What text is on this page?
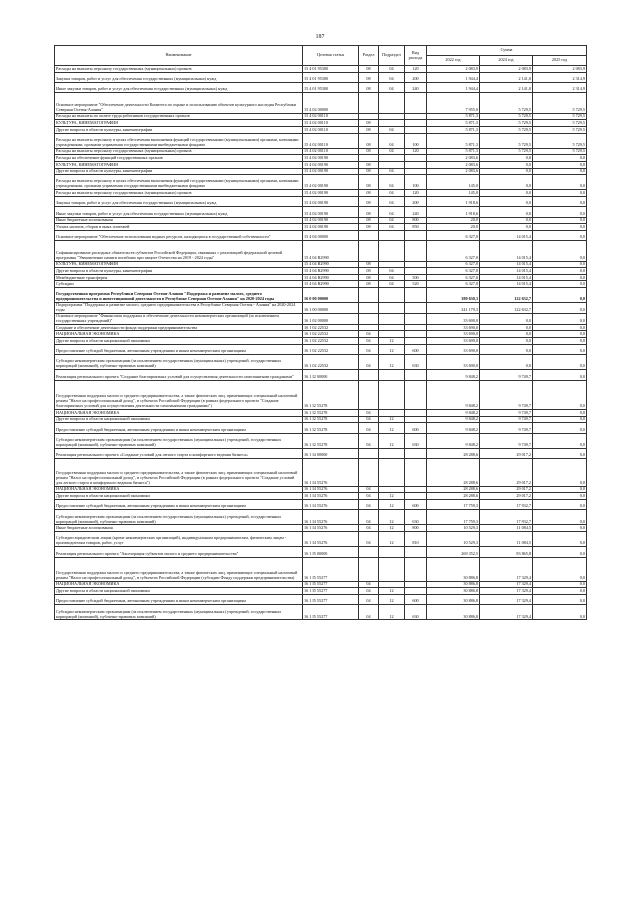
187
Наименование	Целевая статья	Раздел	Подраздел	Вид расхода	Сумма		
					2022 год	2024 год	2025 год
Расходы на выплаты персоналу государственных (муниципальных) органов	15 4 01 95300	08	04	120	2 083,9	2 083,9	2 083,9
Закупка товаров, работ и услуг для обеспечения государственных (муниципальных) нужд	15 4 01 95300	08	04	200	1 944,4	2 141,0	2 314,9
Иные закупки товаров, работ и услуг для обеспечения государственных (муниципальных) нужд	15 4 01 95300	08	04	240	1 944,4	2 141,0	2 314,9
Основное мероприятие "Обеспечение деятельности Комитета по охране и использованию объектов культурного наследия Республики Северная Осетия-Алания"	15 4 02 00000				7 955,0	5 729,5	5 729,5
Расходы на выплаты по оплате труда работников государственных органов	15 4 02 00110				5 871,3	5 729,5	5 729,5
КУЛЬТУРА, КИНЕМАТОГРАФИЯ	15 4 02 00110	08			5 871,3	5 729,5	5 729,5
Другие вопросы в области культуры, кинематографии	15 4 02 00110	08	04		5 871,3	5 729,5	5 729,5
Расходы на выплаты персоналу в целях обеспечения выполнения функций государственными (муниципальными) органами, казенными учреждениями, органами управления государственными внебюджетными фондами	15 4 02 00110	08	04	100	5 871,3	5 729,5	5 729,5
Расходы на выплаты персоналу государственных (муниципальных) органов	15 4 02 00110	08	04	120	5 871,3	5 729,5	5 729,5
Расходы на обеспечение функций государственных органов	15 4 02 00190				2 083,6	0,0	0,0
КУЛЬТУРА, КИНЕМАТОГРАФИЯ	15 4 02 00190	08			2 083,6	0,0	0,0
Другие вопросы в области культуры, кинематографии	15 4 02 00190	08	04		2 083,6	0,0	0,0
Расходы на выплаты персоналу в целях обеспечения выполнения функций государственными (муниципальными) органами, казенными учреждениями, органами управления государственными внебюджетными фондами	15 4 02 00190	08	04	100	145,0	0,0	0,0
Расходы на выплаты персоналу государственных (муниципальных) органов	15 4 02 00190	08	04	120	145,0	0,0	0,0
Закупка товаров, работ и услуг для обеспечения государственных (муниципальных) нужд	15 4 02 00190	08	04	200	1 918,6	0,0	0,0
Иные закупки товаров, работ и услуг для обеспечения государственных (муниципальных) нужд	15 4 02 00190	08	04	240	1 918,6	0,0	0,0
Иные бюджетные ассигнования	15 4 02 00190	08	04	800	20,0	0,0	0,0
Уплата налогов, сборов и иных платежей	15 4 02 00190	08	04	850	20,0	0,0	0,0
Основное мероприятие "Обеспечение использования водных ресурсов, находящихся в государственной собственности"	15 4 04 00000				6 327,0	14 015,4	0,0
Софинансирование расходных обязательств субъектов Российской Федерации, связанных с реализацией федеральной целевой программы "Увековечение памяти погибших при защите Отечества на 2019 - 2024 годы"	15 4 04 R2990				6 327,0	14 015,4	0,0
КУЛЬТУРА, КИНЕМАТОГРАФИЯ	15 4 04 R2990	08			6 327,0	14 015,4	0,0
Другие вопросы в области культуры, кинематографии	15 4 04 R2990	08	04		6 327,0	14 015,4	0,0
Межбюджетные трансферты	15 4 04 R2990	08	04	500	6 327,0	14 015,4	0,0
Субсидии	15 4 04 R2990	08	04	520	6 327,0	14 015,4	0,0
Государственная программа Республики Северная Осетия-Алания "Поддержка и развитие малого, среднего предпринимательства и инвестиционной деятельности в Республике Северная Осетия-Алания" на 2020-2024 годы	16 0 00 00000				380 630,3	122 632,7	0,0
Подпрограмма "Поддержка и развитие малого, среднего предпринимательства в Республике Северная Осетия - Алания" на 2020-2024 годы	16 1 00 00000				341 179,3	122 632,7	0,0
Основное мероприятие "Финансовая поддержка и обеспечение деятельности некоммерческих организаций (за исключением государственных учреждений)"	16 1 02 00000				33 690,0	0,0	0,0
Создание и обеспечение деятельности фонда поддержки предпринимательства	16 1 02 22532				33 690,0	0,0	0,0
НАЦИОНАЛЬНАЯ ЭКОНОМИКА	16 1 02 22532	04			33 690,0	0,0	0,0
Другие вопросы в области национальной экономики	16 1 02 22532	04	12		33 690,0	0,0	0,0
Предоставление субсидий бюджетным, автономным учреждениям и иным некоммерческим организациям	16 1 02 22532	04	12	600	33 690,0	0,0	0,0
Субсидии некоммерческим организациям (за исключением государственных (муниципальных) учреждений, государственных корпораций (компаний), публично-правовых компаний)	16 1 02 22532	04	12	630	33 690,0	0,0	0,0
Реализация регионального проекта "Создание благоприятных условий для осуществления деятельности самозанятыми гражданами"	16 1 I2 00000				9 848,2	9 749,7	0,0
Государственная поддержка малого и среднего предпринимательства, а также физических лиц, применяющих специальный налоговый режим "Налог на профессиональный доход", в субъектах Российской Федерации (в рамках федерального проекта "Создание благоприятных условий для осуществления деятельности самозанятыми гражданами")	16 1 I2 55278				9 848,2	9 749,7	0,0
НАЦИОНАЛЬНАЯ ЭКОНОМИКА	16 1 I2 55278	04			9 848,2	9 749,7	0,0
Другие вопросы в области национальной экономики	16 1 I2 55278	04	12		9 848,2	9 749,7	0,0
Предоставление субсидий бюджетным, автономным учреждениям и иным некоммерческим организациям	16 1 I2 55278	04	12	600	9 848,2	9 749,7	0,0
Субсидии некоммерческим организациям (за исключением государственных (муниципальных) учреждений, государственных корпораций (компаний), публично-правовых компаний)	16 1 I2 55278	04	12	630	9 848,2	9 749,7	0,0
Реализация регионального проекта «Создание условий для легкого старта и комфортного ведения бизнеса»	16 1 I4 00000				28 288,6	29 017,2	0,0
Государственная поддержка малого и среднего предпринимательства, а также физических лиц, применяющих специальный налоговый режим "Налог на профессиональный доход", в субъектах Российской Федерации (в рамках федерального проекта "Создание условий для легкого старта и комфортного ведения бизнеса")	16 1 I4 55276				28 288,6	29 017,2	0,0
НАЦИОНАЛЬНАЯ ЭКОНОМИКА	16 1 I4 55276	04			28 288,6	29 017,2	0,0
Другие вопросы в области национальной экономики	16 1 I4 55276	04	12		28 288,6	29 017,2	0,0
Предоставление субсидий бюджетным, автономным учреждениям и иным некоммерческим организациям	16 1 I4 55276	04	12	600	17 759,3	17 932,7	0,0
Субсидии некоммерческим организациям (за исключением государственных (муниципальных) учреждений, государственных корпораций (компаний), публично-правовых компаний)	16 1 I4 55276	04	12	630	17 759,3	17 932,7	0,0
Иные бюджетные ассигнования	16 1 I4 55276	04	12	800	10 529,3	11 084,5	0,0
Субсидии юридическим лицам (кроме некоммерческих организаций), индивидуальным предпринимателям, физическим лицам - производителям товаров, работ, услуг	16 1 I4 55276	04	12	810	10 529,3	11 084,5	0,0
Реализация регионального проекта "Акселерация субъектов малого и среднего предпринимательства"	16 1 I5 00000				269 352,5	83 865,8	0,0
Государственная поддержка малого и среднего предпринимательства, а также физических лиц, применяющих специальный налоговый режим "Налог на профессиональный доход", в субъектах Российской Федерации (субсидии Фонду поддержки предпринимательства)	16 1 I5 55277				30 886,8	17 329,4	0,0
НАЦИОНАЛЬНАЯ ЭКОНОМИКА	16 1 I5 55277	04			30 886,8	17 329,4	0,0
Другие вопросы в области национальной экономики	16 1 I5 55277	04	12		30 886,8	17 329,4	0,0
Предоставление субсидий бюджетным, автономным учреждениям и иным некоммерческим организациям	16 1 I5 55277	04	12	600	30 886,8	17 329,4	0,0
Субсидии некоммерческим организациям (за исключением государственных (муниципальных) учреждений, государственных корпораций (компаний), публично-правовых компаний)	16 1 I5 55277	04	12	630	30 886,8	17 329,4	0,0
